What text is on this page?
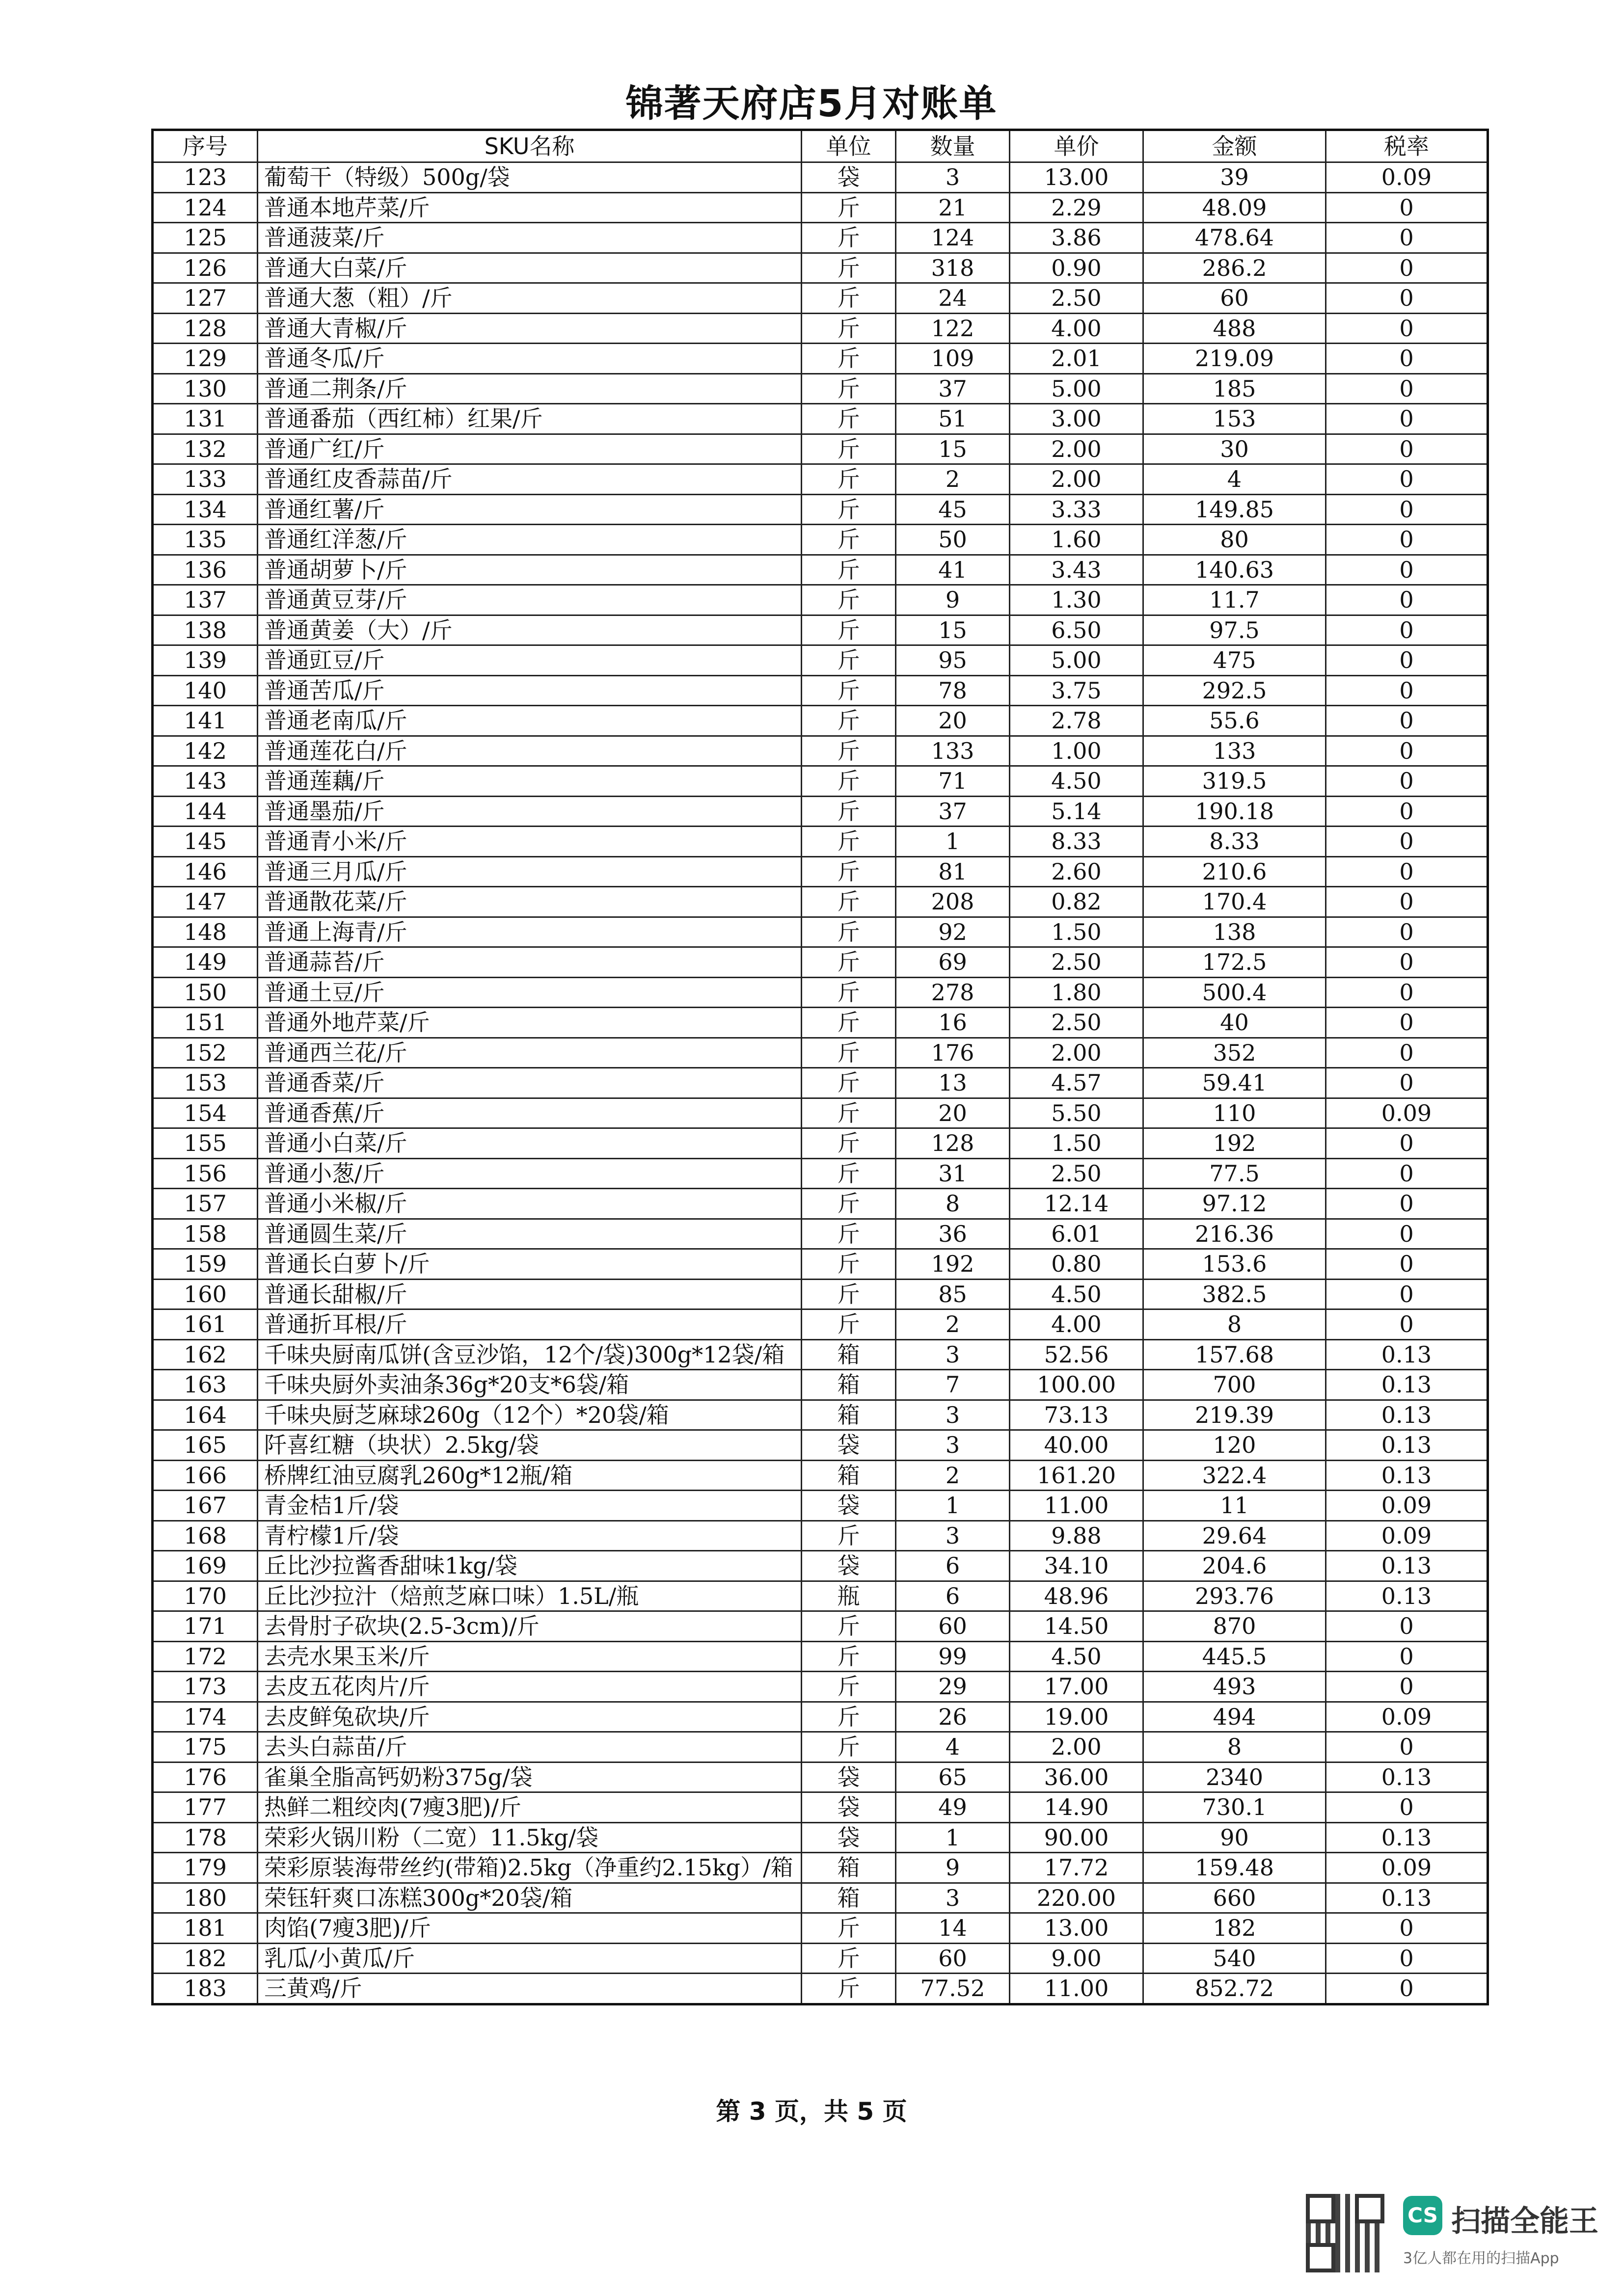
锦著天府店5月对账单
序号	SKU名称	单位	数量	单价	金额	税率
123	葡萄干（特级）500g/袋	袋	3	13.00	39	0.09
124	普通本地芹菜/斤	斤	21	2.29	48.09	0
125	普通菠菜/斤	斤	124	3.86	478.64	0
126	普通大白菜/斤	斤	318	0.90	286.2	0
127	普通大葱（粗）/斤	斤	24	2.50	60	0
128	普通大青椒/斤	斤	122	4.00	488	0
129	普通冬瓜/斤	斤	109	2.01	219.09	0
130	普通二荆条/斤	斤	37	5.00	185	0
131	普通番茄（西红柿）红果/斤	斤	51	3.00	153	0
132	普通广红/斤	斤	15	2.00	30	0
133	普通红皮香蒜苗/斤	斤	2	2.00	4	0
134	普通红薯/斤	斤	45	3.33	149.85	0
135	普通红洋葱/斤	斤	50	1.60	80	0
136	普通胡萝卜/斤	斤	41	3.43	140.63	0
137	普通黄豆芽/斤	斤	9	1.30	11.7	0
138	普通黄姜（大）/斤	斤	15	6.50	97.5	0
139	普通豇豆/斤	斤	95	5.00	475	0
140	普通苦瓜/斤	斤	78	3.75	292.5	0
141	普通老南瓜/斤	斤	20	2.78	55.6	0
142	普通莲花白/斤	斤	133	1.00	133	0
143	普通莲藕/斤	斤	71	4.50	319.5	0
144	普通墨茄/斤	斤	37	5.14	190.18	0
145	普通青小米/斤	斤	1	8.33	8.33	0
146	普通三月瓜/斤	斤	81	2.60	210.6	0
147	普通散花菜/斤	斤	208	0.82	170.4	0
148	普通上海青/斤	斤	92	1.50	138	0
149	普通蒜苔/斤	斤	69	2.50	172.5	0
150	普通土豆/斤	斤	278	1.80	500.4	0
151	普通外地芹菜/斤	斤	16	2.50	40	0
152	普通西兰花/斤	斤	176	2.00	352	0
153	普通香菜/斤	斤	13	4.57	59.41	0
154	普通香蕉/斤	斤	20	5.50	110	0.09
155	普通小白菜/斤	斤	128	1.50	192	0
156	普通小葱/斤	斤	31	2.50	77.5	0
157	普通小米椒/斤	斤	8	12.14	97.12	0
158	普通圆生菜/斤	斤	36	6.01	216.36	0
159	普通长白萝卜/斤	斤	192	0.80	153.6	0
160	普通长甜椒/斤	斤	85	4.50	382.5	0
161	普通折耳根/斤	斤	2	4.00	8	0
162	千味央厨南瓜饼(含豆沙馅，12个/袋)300g*12袋/箱	箱	3	52.56	157.68	0.13
163	千味央厨外卖油条36g*20支*6袋/箱	箱	7	100.00	700	0.13
164	千味央厨芝麻球260g（12个）*20袋/箱	箱	3	73.13	219.39	0.13
165	阡喜红糖（块状）2.5kg/袋	袋	3	40.00	120	0.13
166	桥牌红油豆腐乳260g*12瓶/箱	箱	2	161.20	322.4	0.13
167	青金桔1斤/袋	袋	1	11.00	11	0.09
168	青柠檬1斤/袋	斤	3	9.88	29.64	0.09
169	丘比沙拉酱香甜味1kg/袋	袋	6	34.10	204.6	0.13
170	丘比沙拉汁（焙煎芝麻口味）1.5L/瓶	瓶	6	48.96	293.76	0.13
171	去骨肘子砍块(2.5-3cm)/斤	斤	60	14.50	870	0
172	去壳水果玉米/斤	斤	99	4.50	445.5	0
173	去皮五花肉片/斤	斤	29	17.00	493	0
174	去皮鲜兔砍块/斤	斤	26	19.00	494	0.09
175	去头白蒜苗/斤	斤	4	2.00	8	0
176	雀巢全脂高钙奶粉375g/袋	袋	65	36.00	2340	0.13
177	热鲜二粗绞肉(7瘦3肥)/斤	袋	49	14.90	730.1	0
178	荣彩火锅川粉（二宽）11.5kg/袋	袋	1	90.00	90	0.13
179	荣彩原装海带丝约(带箱)2.5kg（净重约2.15kg）/箱	箱	9	17.72	159.48	0.09
180	荣钰轩爽口冻糕300g*20袋/箱	箱	3	220.00	660	0.13
181	肉馅(7瘦3肥)/斤	斤	14	13.00	182	0
182	乳瓜/小黄瓜/斤	斤	60	9.00	540	0
183	三黄鸡/斤	斤	77.52	11.00	852.72	0
第 3 页，共 5 页
CS 扫描全能王
3亿人都在用的扫描App
